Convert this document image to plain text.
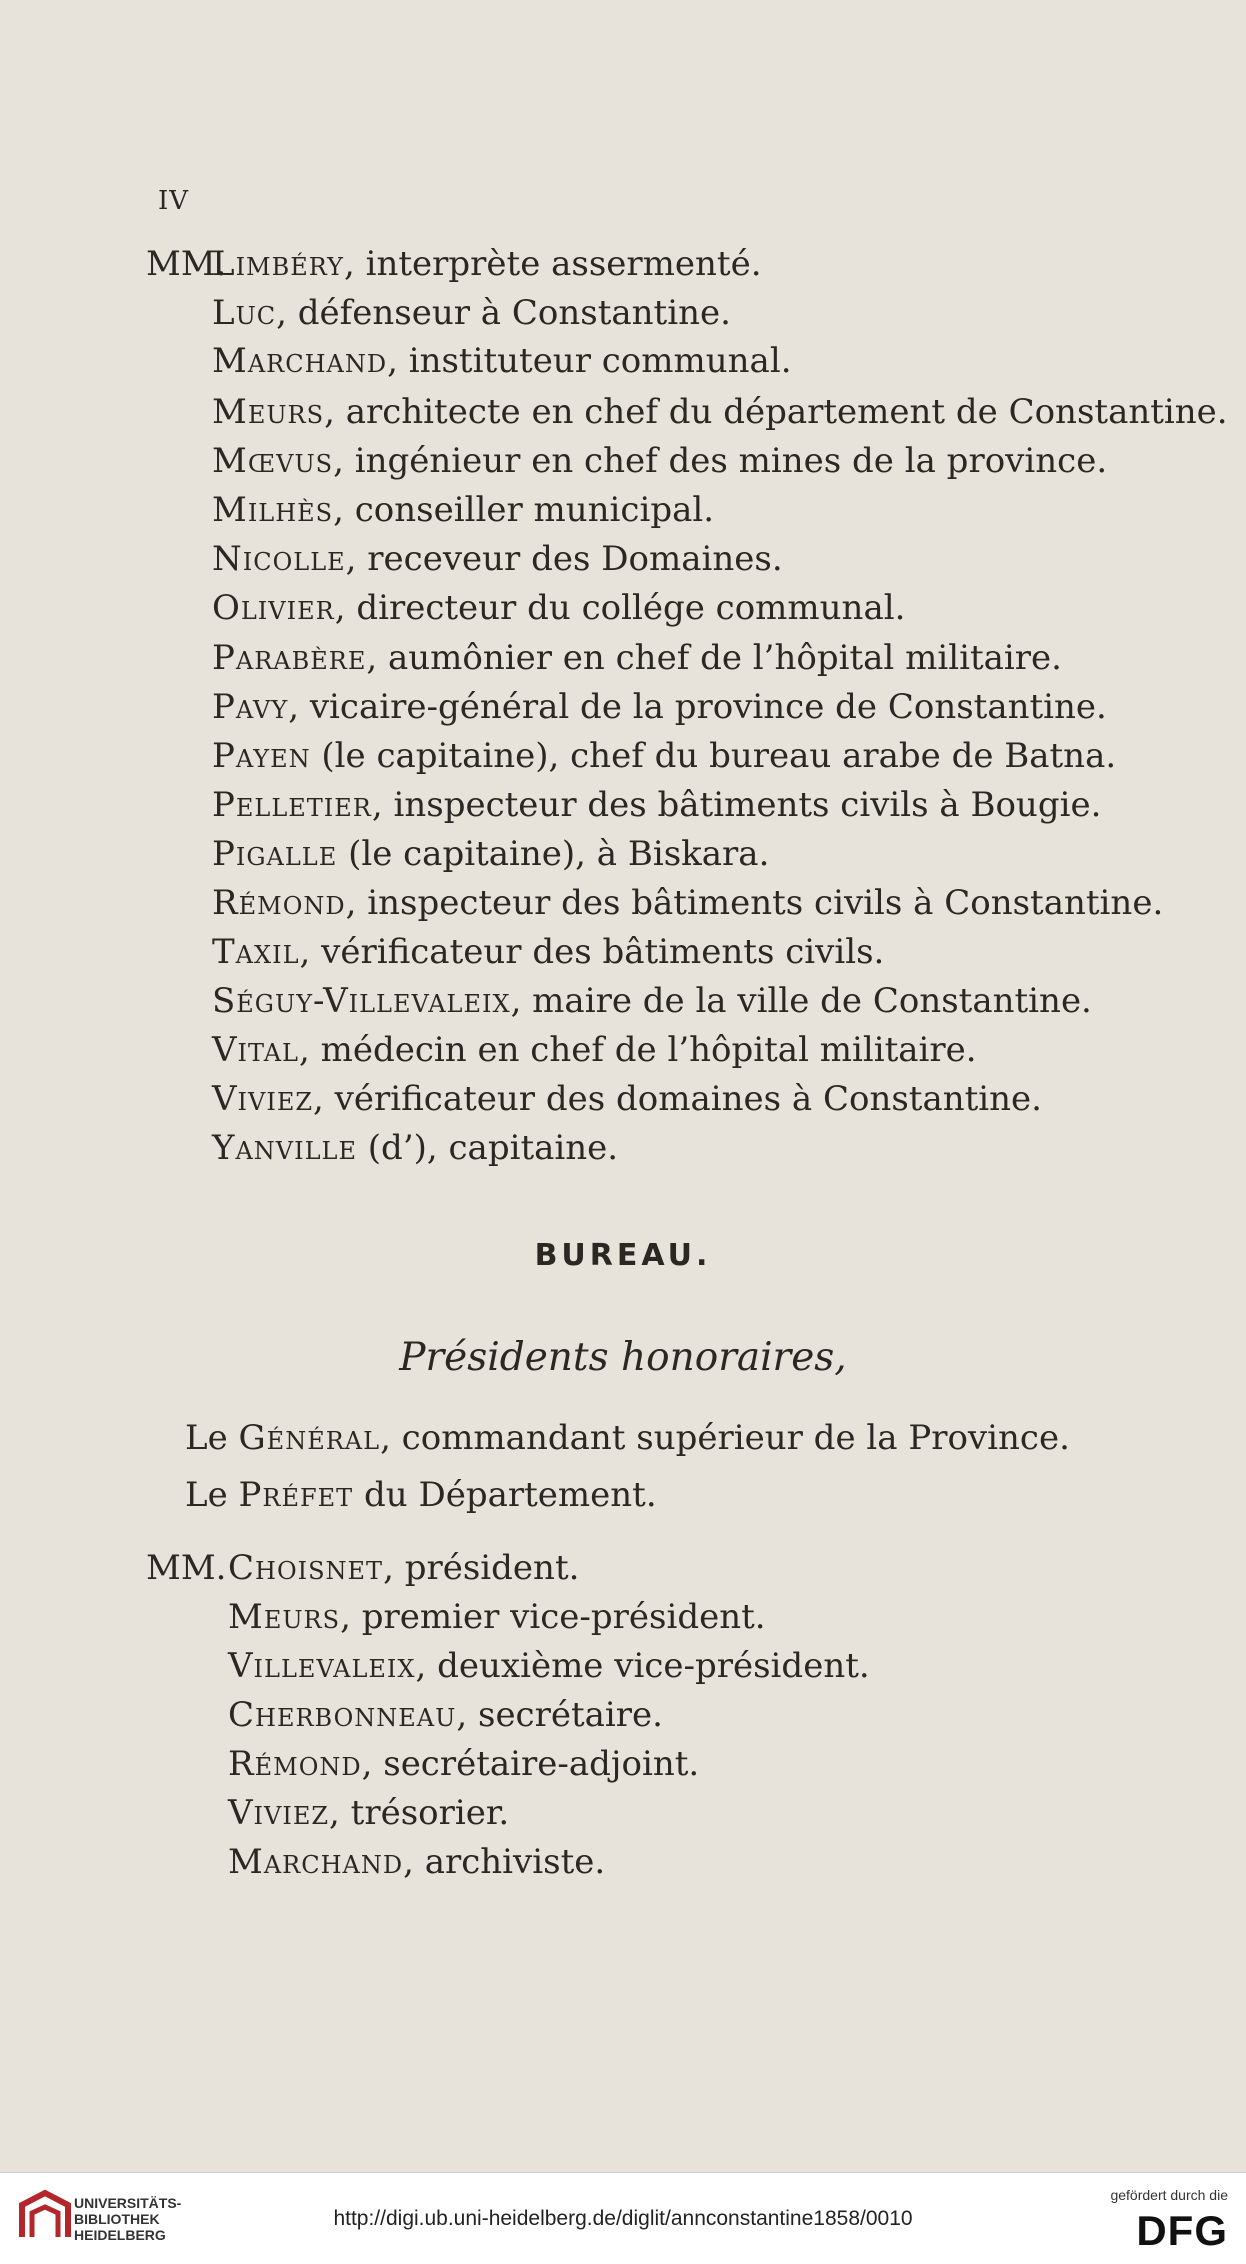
IV
MM.
Limbéry, interprète assermenté.
Luc, défenseur à Constantine.
Marchand, instituteur communal.
Meurs, architecte en chef du département de Constantine.
Mœvus, ingénieur en chef des mines de la province.
Milhès, conseiller municipal.
Nicolle, receveur des Domaines.
Olivier, directeur du collége communal.
Parabère, aumônier en chef de l’hôpital militaire.
Pavy, vicaire-général de la province de Constantine.
Payen (le capitaine), chef du bureau arabe de Batna.
Pelletier, inspecteur des bâtiments civils à Bougie.
Pigalle (le capitaine), à Biskara.
Rémond, inspecteur des bâtiments civils à Constantine.
Taxil, vérificateur des bâtiments civils.
Séguy-Villevaleix, maire de la ville de Constantine.
Vital, médecin en chef de l’hôpital militaire.
Viviez, vérificateur des domaines à Constantine.
Yanville (d’), capitaine.
BUREAU.
Présidents honoraires,
Le Général, commandant supérieur de la Province.
Le Préfet du Département.
MM. Choisnet, président.
Meurs, premier vice-président.
Villevaleix, deuxième vice-président.
Cherbonneau, secrétaire.
Rémond, secrétaire-adjoint.
Viviez, trésorier.
Marchand, archiviste.
UNIVERSITÄTS-
BIBLIOTHEK
HEIDELBERG
http://digi.ub.uni-heidelberg.de/diglit/annconstantine1858/0010
gefördert durch die
DFG
